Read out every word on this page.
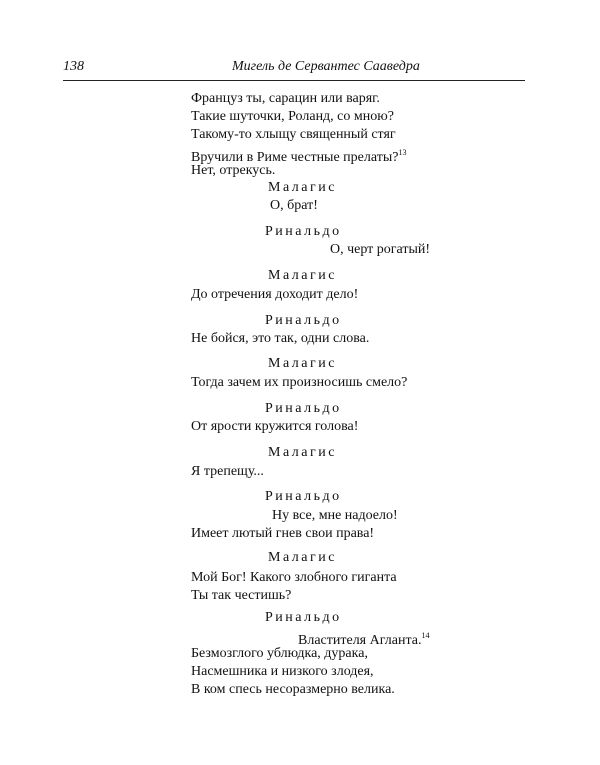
138	Мигель де Сервантес Сааведра
Француз ты, сарацин или варяг.
Такие шуточки, Роланд, со мною?
Такому-то хлыщу священный стяг
Вручили в Риме честные прелаты?$^{13}$
Нет, отрекусь.
Малагис
О, брат!
Ринальдо
О, черт рогатый!
Малагис
До отречения доходит дело!
Ринальдо
Не бойся, это так, одни слова.
Малагис
Тогда зачем их произносишь смело?
Ринальдо
От ярости кружится голова!
Малагис
Я трепещу...
Ринальдо
Ну все, мне надоело!
Имеет лютый гнев свои права!
Малагис
Мой Бог! Какого злобного гиганта
Ты так честишь?
Ринальдо
Властителя Агланта.$^{14}$
Безмозглого ублюдка, дурака,
Насмешника и низкого злодея,
В ком спесь несоразмерно велика.
